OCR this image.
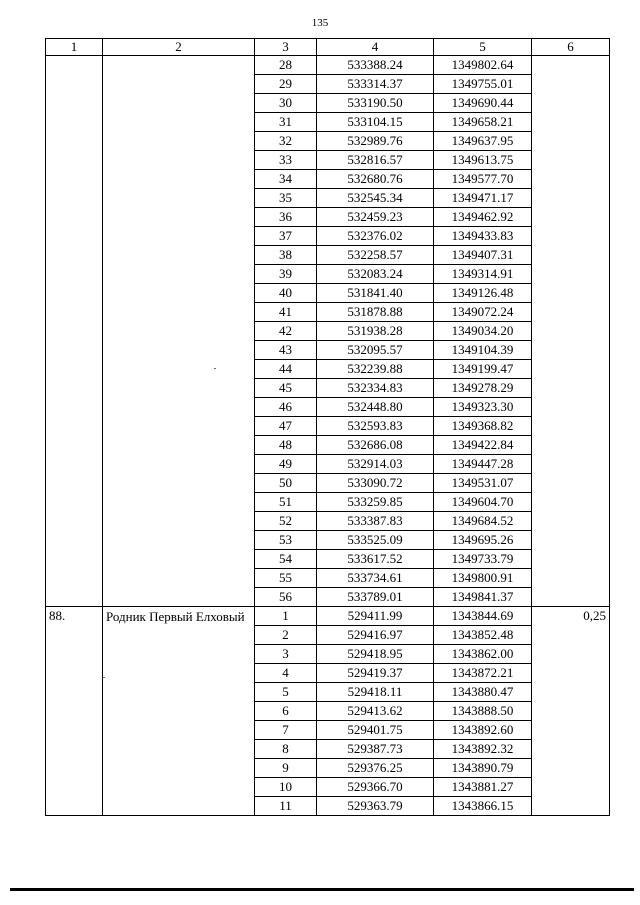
135
1	2	3	4	5	6
		28	533388.24	1349802.64	
		29	533314.37	1349755.01	
		30	533190.50	1349690.44	
		31	533104.15	1349658.21	
		32	532989.76	1349637.95	
		33	532816.57	1349613.75	
		34	532680.76	1349577.70	
		35	532545.34	1349471.17	
		36	532459.23	1349462.92	
		37	532376.02	1349433.83	
		38	532258.57	1349407.31	
		39	532083.24	1349314.91	
		40	531841.40	1349126.48	
		41	531878.88	1349072.24	
		42	531938.28	1349034.20	
		43	532095.57	1349104.39	
		44	532239.88	1349199.47	
		45	532334.83	1349278.29	
		46	532448.80	1349323.30	
		47	532593.83	1349368.82	
		48	532686.08	1349422.84	
		49	532914.03	1349447.28	
		50	533090.72	1349531.07	
		51	533259.85	1349604.70	
		52	533387.83	1349684.52	
		53	533525.09	1349695.26	
		54	533617.52	1349733.79	
		55	533734.61	1349800.91	
		56	533789.01	1349841.37	
88.	Родник Первый Елховый	1	529411.99	1343844.69	0,25
		2	529416.97	1343852.48	
		3	529418.95	1343862.00	
		4	529419.37	1343872.21	
		5	529418.11	1343880.47	
		6	529413.62	1343888.50	
		7	529401.75	1343892.60	
		8	529387.73	1343892.32	
		9	529376.25	1343890.79	
		10	529366.70	1343881.27	
		11	529363.79	1343866.15	
